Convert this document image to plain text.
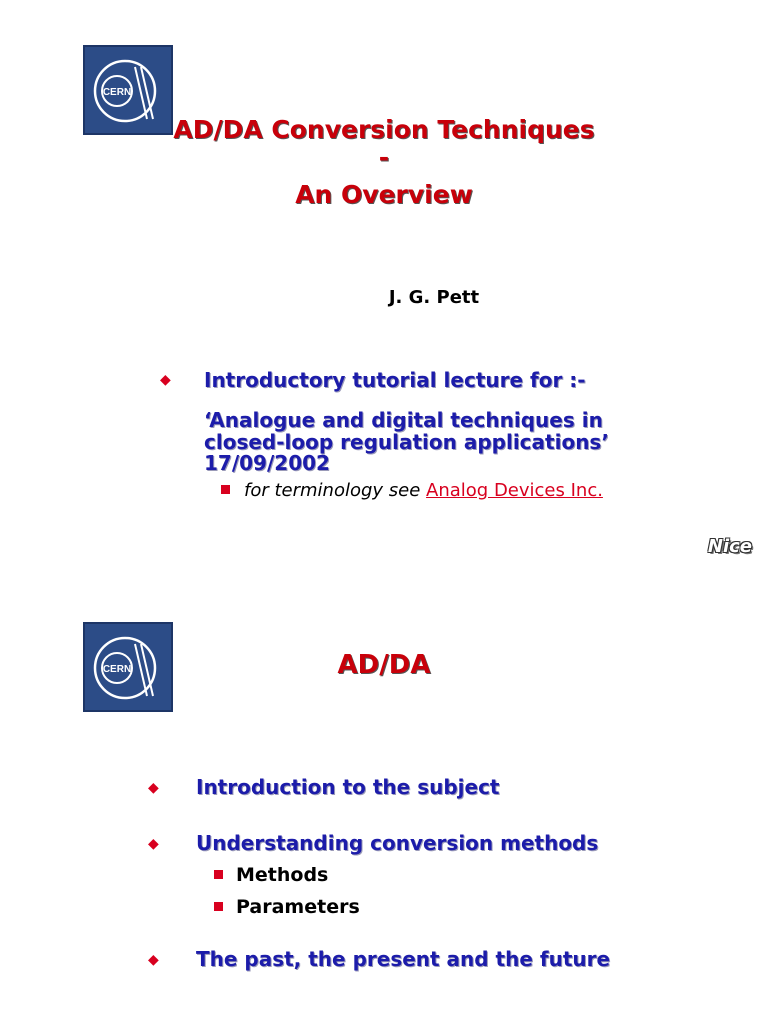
CERN
AD/DA Conversion Techniques
-
An Overview
J. G. Pett
◆ Introductory tutorial lecture for :-
‘Analogue and digital techniques in
closed-loop regulation applications’
17/09/2002
for terminology see Analog Devices Inc.
Nice
CERN	AD/DA
◆ Introduction to the subject
◆ Understanding conversion methods
Methods
Parameters
◆ The past, the present and the future
